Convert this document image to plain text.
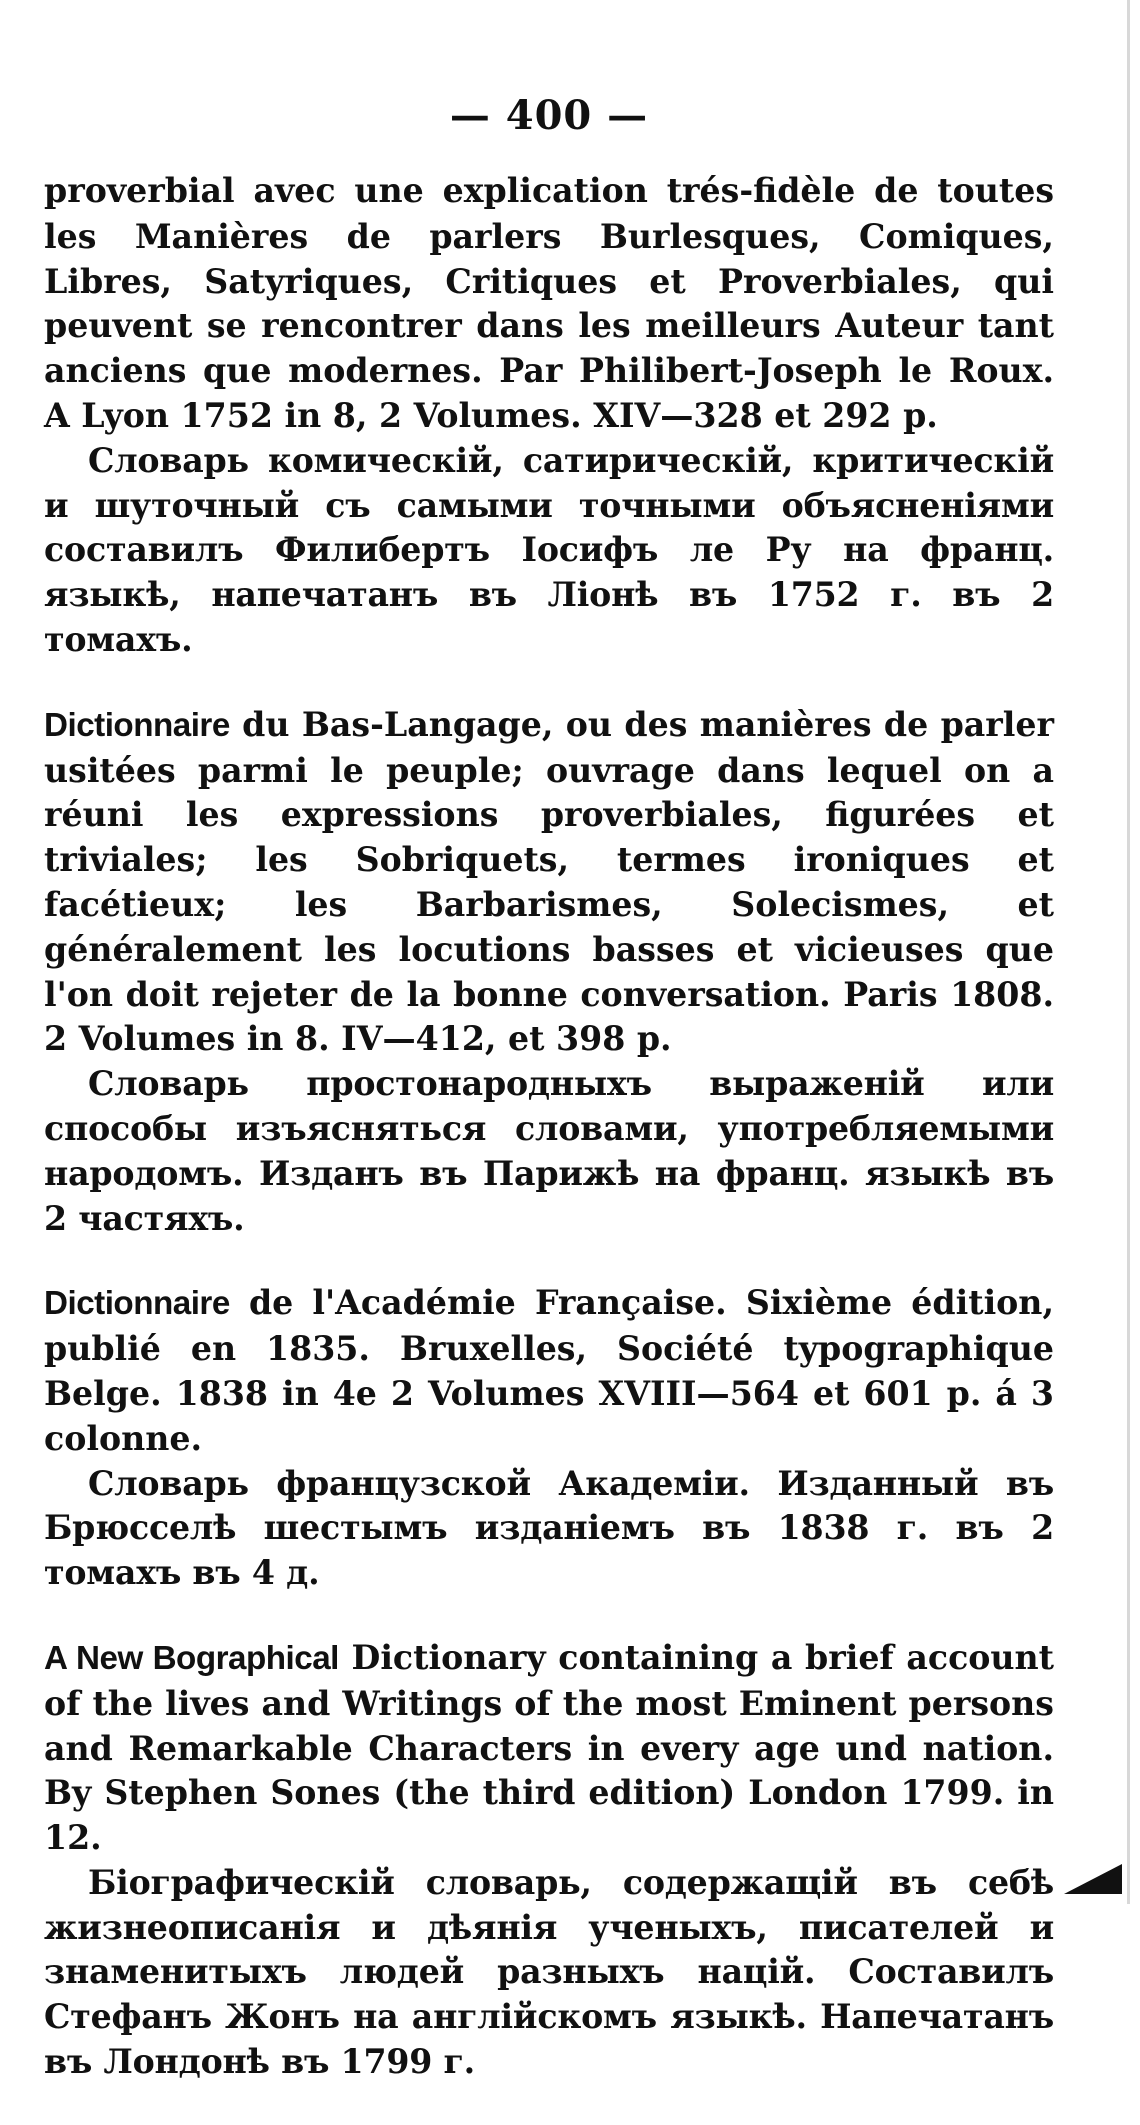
— 400 —

proverbial avec une explication trés-fidèle de toutes les Manières de parlers Burlesques, Comiques, Libres, Satyriques, Critiques et Proverbiales, qui peuvent se rencontrer dans les meilleurs Auteur tant anciens que modernes. Par Philibert-Joseph le Roux. A Lyon 1752 in 8, 2 Volumes. XIV—328 et 292 p.

Словарь комическiй, сатирическiй, критическiй и шуточный съ самыми точными объясненiями составилъ Филибертъ Iосифъ ле Ру на франц. языкѣ, напечатанъ въ Лiонѣ въ 1752 г. въ 2 томахъ.

Dictionnaire du Bas-Langage, ou des manières de parler usitées parmi le peuple; ouvrage dans lequel on a réuni les expressions proverbiales, figurées et triviales; les Sobriquets, termes ironiques et facétieux; les Barbarismes, Solecismes, et généralement les locutions basses et vicieuses que l'on doit rejeter de la bonne conversation. Paris 1808. 2 Volumes in 8. IV—412, et 398 p.

Словарь простонародныхъ выраженiй или способы изъясняться словами, употребляемыми народомъ. Изданъ въ Парижѣ на франц. языкѣ въ 2 частяхъ.

Dictionnaire de l'Académie Française. Sixième édition, publié en 1835. Bruxelles, Société typographique Belge. 1838 in 4e 2 Volumes XVIII—564 et 601 p. á 3 colonne.

Словарь французской Академiи. Изданный въ Брюсселѣ шестымъ изданiемъ въ 1838 г. въ 2 томахъ въ 4 д.

A New Bographical Dictionary containing a brief account of the lives and Writings of the most Eminent persons and Remarkable Characters in every age und nation. By Stephen Sones (the third edition) London 1799. in 12.

Бiографическiй словарь, содержащiй въ себѣ жизнеописанiя и дѣянiя ученыхъ, писателей и знаменитыхъ людей разныхъ нацiй. Составилъ Стефанъ Жонъ на англiйскомъ языкѣ. Напечатанъ въ Лондонѣ въ 1799 г.
